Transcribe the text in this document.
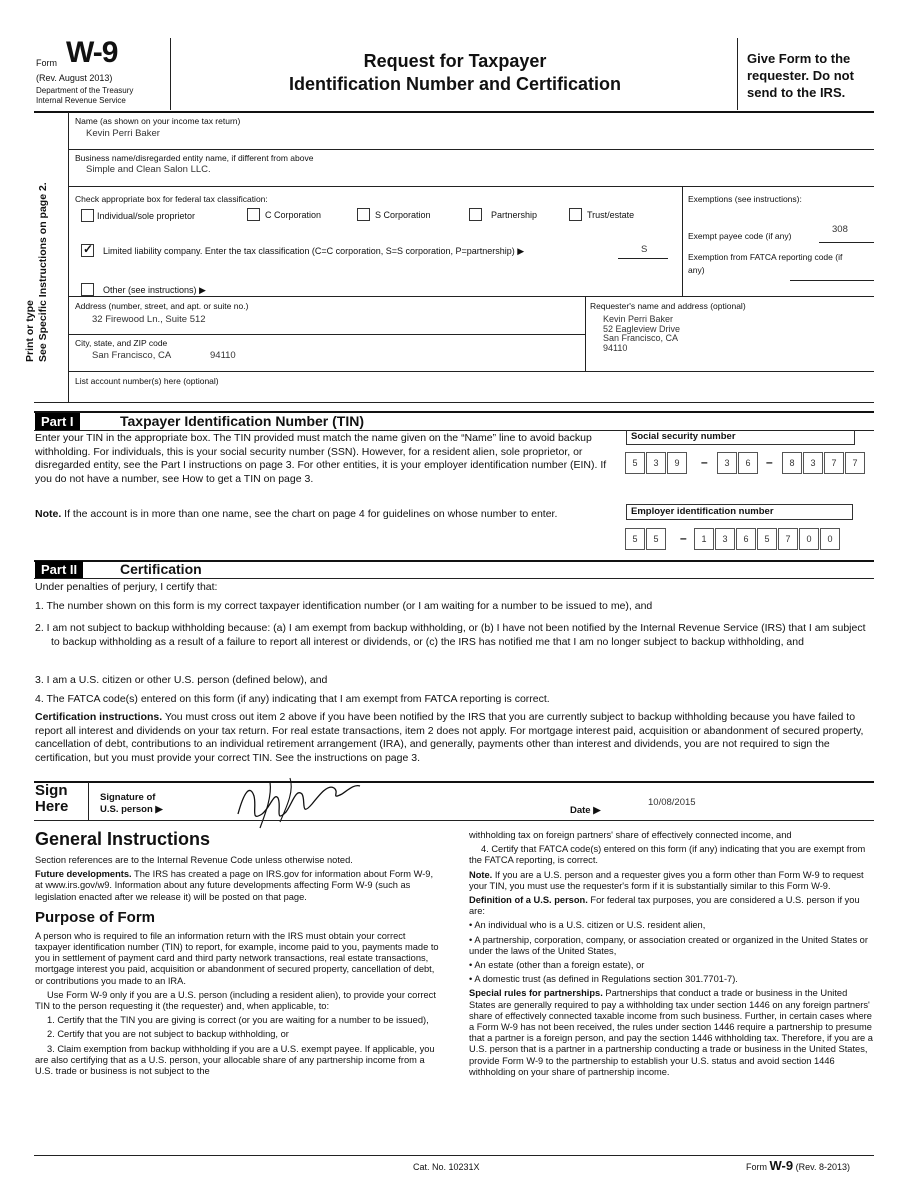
Form W-9
(Rev. August 2013)
Department of the Treasury
Internal Revenue Service
Request for Taxpayer
Identification Number and Certification
Give Form to the requester. Do not send to the IRS.
Print or type See Specific Instructions on page 2.
Name (as shown on your income tax return)
Kevin Perri Baker
Business name/disregarded entity name, if different from above
Simple and Clean Salon LLC.
Check appropriate box for federal tax classification:
Individual/sole proprietor	C Corporation	S Corporation	Partnership	Trust/estate
✓
Limited liability company. Enter the tax classification (C=C corporation, S=S corporation, P=partnership) ▶	S
Other (see instructions) ▶
Exemptions (see instructions):
Exempt payee code (if any)
308
Exemption from FATCA reporting code (if any)
Address (number, street, and apt. or suite no.)
32 Firewood Ln., Suite 512
Requester's name and address (optional)
Kevin Perri Baker
52 Eagleview Drive
San Francisco, CA
94110
City, state, and ZIP code
San Francisco, CA	94110
List account number(s) here (optional)
Part I	Taxpayer Identification Number (TIN)
Enter your TIN in the appropriate box. The TIN provided must match the name given on the “Name” line to avoid backup withholding. For individuals, this is your social security number (SSN). However, for a resident alien, sole proprietor, or disregarded entity, see the Part I instructions on page 3. For other entities, it is your employer identification number (EIN). If you do not have a number, see How to get a TIN on page 3.
Note. If the account is in more than one name, see the chart on page 4 for guidelines on whose number to enter.
Social security number
5	3	9	–	3	6	–	8	3	7	7
Employer identification number
5	5	–	1	3	6	5	7	0	0
Part II	Certification
Under penalties of perjury, I certify that:
1. The number shown on this form is my correct taxpayer identification number (or I am waiting for a number to be issued to me), and
2. I am not subject to backup withholding because: (a) I am exempt from backup withholding, or (b) I have not been notified by the Internal Revenue Service (IRS) that I am subject to backup withholding as a result of a failure to report all interest or dividends, or (c) the IRS has notified me that I am no longer subject to backup withholding, and
3. I am a U.S. citizen or other U.S. person (defined below), and
4. The FATCA code(s) entered on this form (if any) indicating that I am exempt from FATCA reporting is correct.
Certification instructions. You must cross out item 2 above if you have been notified by the IRS that you are currently subject to backup withholding because you have failed to report all interest and dividends on your tax return. For real estate transactions, item 2 does not apply. For mortgage interest paid, acquisition or abandonment of secured property, cancellation of debt, contributions to an individual retirement arrangement (IRA), and generally, payments other than interest and dividends, you are not required to sign the certification, but you must provide your correct TIN. See the instructions on page 3.
Sign
Here
Signature of
U.S. person ▶	Date ▶
10/08/2015
General Instructions

Section references are to the Internal Revenue Code unless otherwise noted.

Future developments. The IRS has created a page on IRS.gov for information about Form W-9, at www.irs.gov/w9. Information about any future developments affecting Form W-9 (such as legislation enacted after we release it) will be posted on that page.

Purpose of Form

A person who is required to file an information return with the IRS must obtain your correct taxpayer identification number (TIN) to report, for example, income paid to you, payments made to you in settlement of payment card and third party network transactions, real estate transactions, mortgage interest you paid, acquisition or abandonment of secured property, cancellation of debt, or contributions you made to an IRA.

Use Form W-9 only if you are a U.S. person (including a resident alien), to provide your correct TIN to the person requesting it (the requester) and, when applicable, to:

1. Certify that the TIN you are giving is correct (or you are waiting for a number to be issued),

2. Certify that you are not subject to backup withholding, or

3. Claim exemption from backup withholding if you are a U.S. exempt payee. If applicable, you are also certifying that as a U.S. person, your allocable share of any partnership income from a U.S. trade or business is not subject to the

withholding tax on foreign partners' share of effectively connected income, and

4. Certify that FATCA code(s) entered on this form (if any) indicating that you are exempt from the FATCA reporting, is correct.

Note. If you are a U.S. person and a requester gives you a form other than Form W-9 to request your TIN, you must use the requester's form if it is substantially similar to this Form W-9.

Definition of a U.S. person. For federal tax purposes, you are considered a U.S. person if you are:

• An individual who is a U.S. citizen or U.S. resident alien,

• A partnership, corporation, company, or association created or organized in the United States or under the laws of the United States,

• An estate (other than a foreign estate), or

• A domestic trust (as defined in Regulations section 301.7701-7).

Special rules for partnerships. Partnerships that conduct a trade or business in the United States are generally required to pay a withholding tax under section 1446 on any foreign partners' share of effectively connected taxable income from such business. Further, in certain cases where a Form W-9 has not been received, the rules under section 1446 require a partnership to presume that a partner is a foreign person, and pay the section 1446 withholding tax. Therefore, if you are a U.S. person that is a partner in a partnership conducting a trade or business in the United States, provide Form W-9 to the partnership to establish your U.S. status and avoid section 1446 withholding on your share of partnership income.

Cat. No. 10231X	Form W-9 (Rev. 8-2013)
